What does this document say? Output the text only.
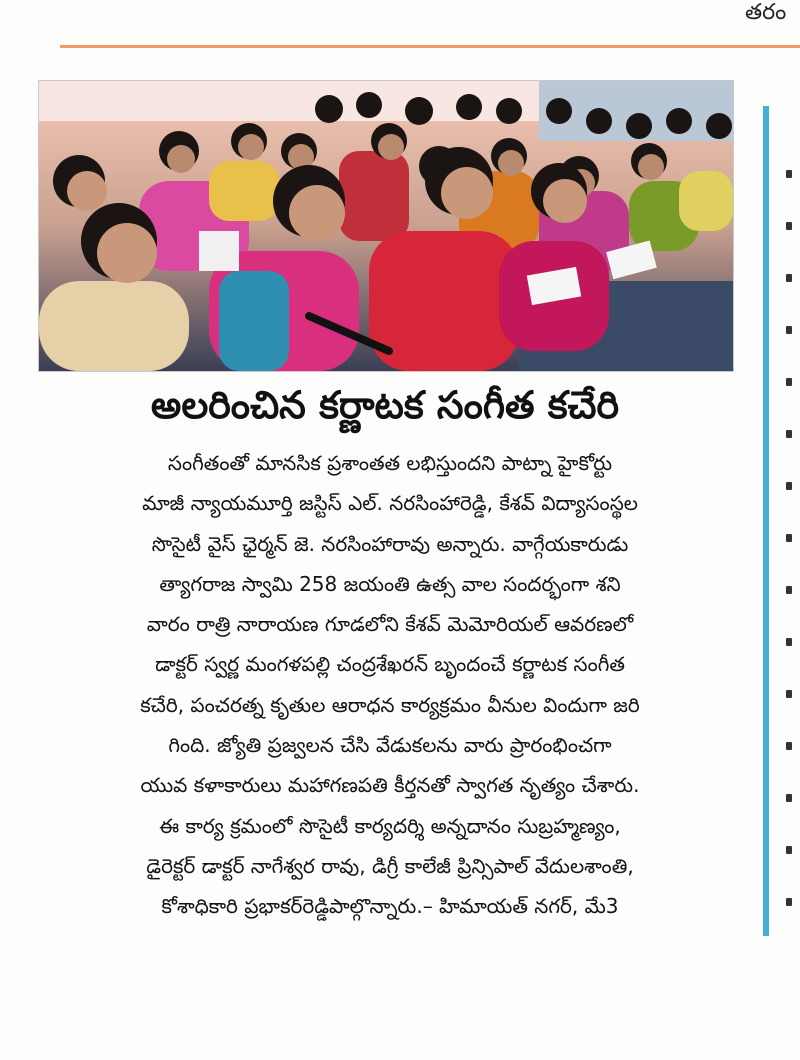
తరం
అలరించిన కర్ణాటక సంగీత కచేరి
సంగీతంతో మానసిక ప్రశాంతత లభిస్తుందని పాట్నా హైకోర్టు
మాజీ న్యాయమూర్తి జస్టిస్ ఎల్. నరసింహారెడ్డి, కేశవ్ విద్యాసంస్థల
సొసైటీ వైస్ ఛైర్మన్ జె. నరసింహారావు అన్నారు. వాగ్గేయకారుడు
త్యాగరాజ స్వామి 258 జయంతి ఉత్స వాల సందర్భంగా శని
వారం రాత్రి నారాయణ గూడలోని కేశవ్ మెమోరియల్ ఆవరణలో
డాక్టర్ స్వర్ణ మంగళపల్లి చంద్రశేఖరన్ బృందంచే కర్ణాటక సంగీత
కచేరి, పంచరత్న కృతుల ఆరాధన కార్యక్రమం వీనుల విందుగా జరి
గింది. జ్యోతి ప్రజ్వలన చేసి వేడుకలను వారు ప్రారంభించగా
యువ కళాకారులు మహాగణపతి కీర్తనతో స్వాగత నృత్యం చేశారు.
ఈ కార్య క్రమంలో సొసైటీ కార్యదర్శి అన్నదానం సుబ్రహ్మణ్యం,
డైరెక్టర్ డాక్టర్ నాగేశ్వర రావు, డిగ్రీ కాలేజీ ప్రిన్సిపాల్ వేదులశాంతి,
కోశాధికారి ప్రభాకర్‌రెడ్డిపాల్గొన్నారు.– హిమాయత్ నగర్, మే3
